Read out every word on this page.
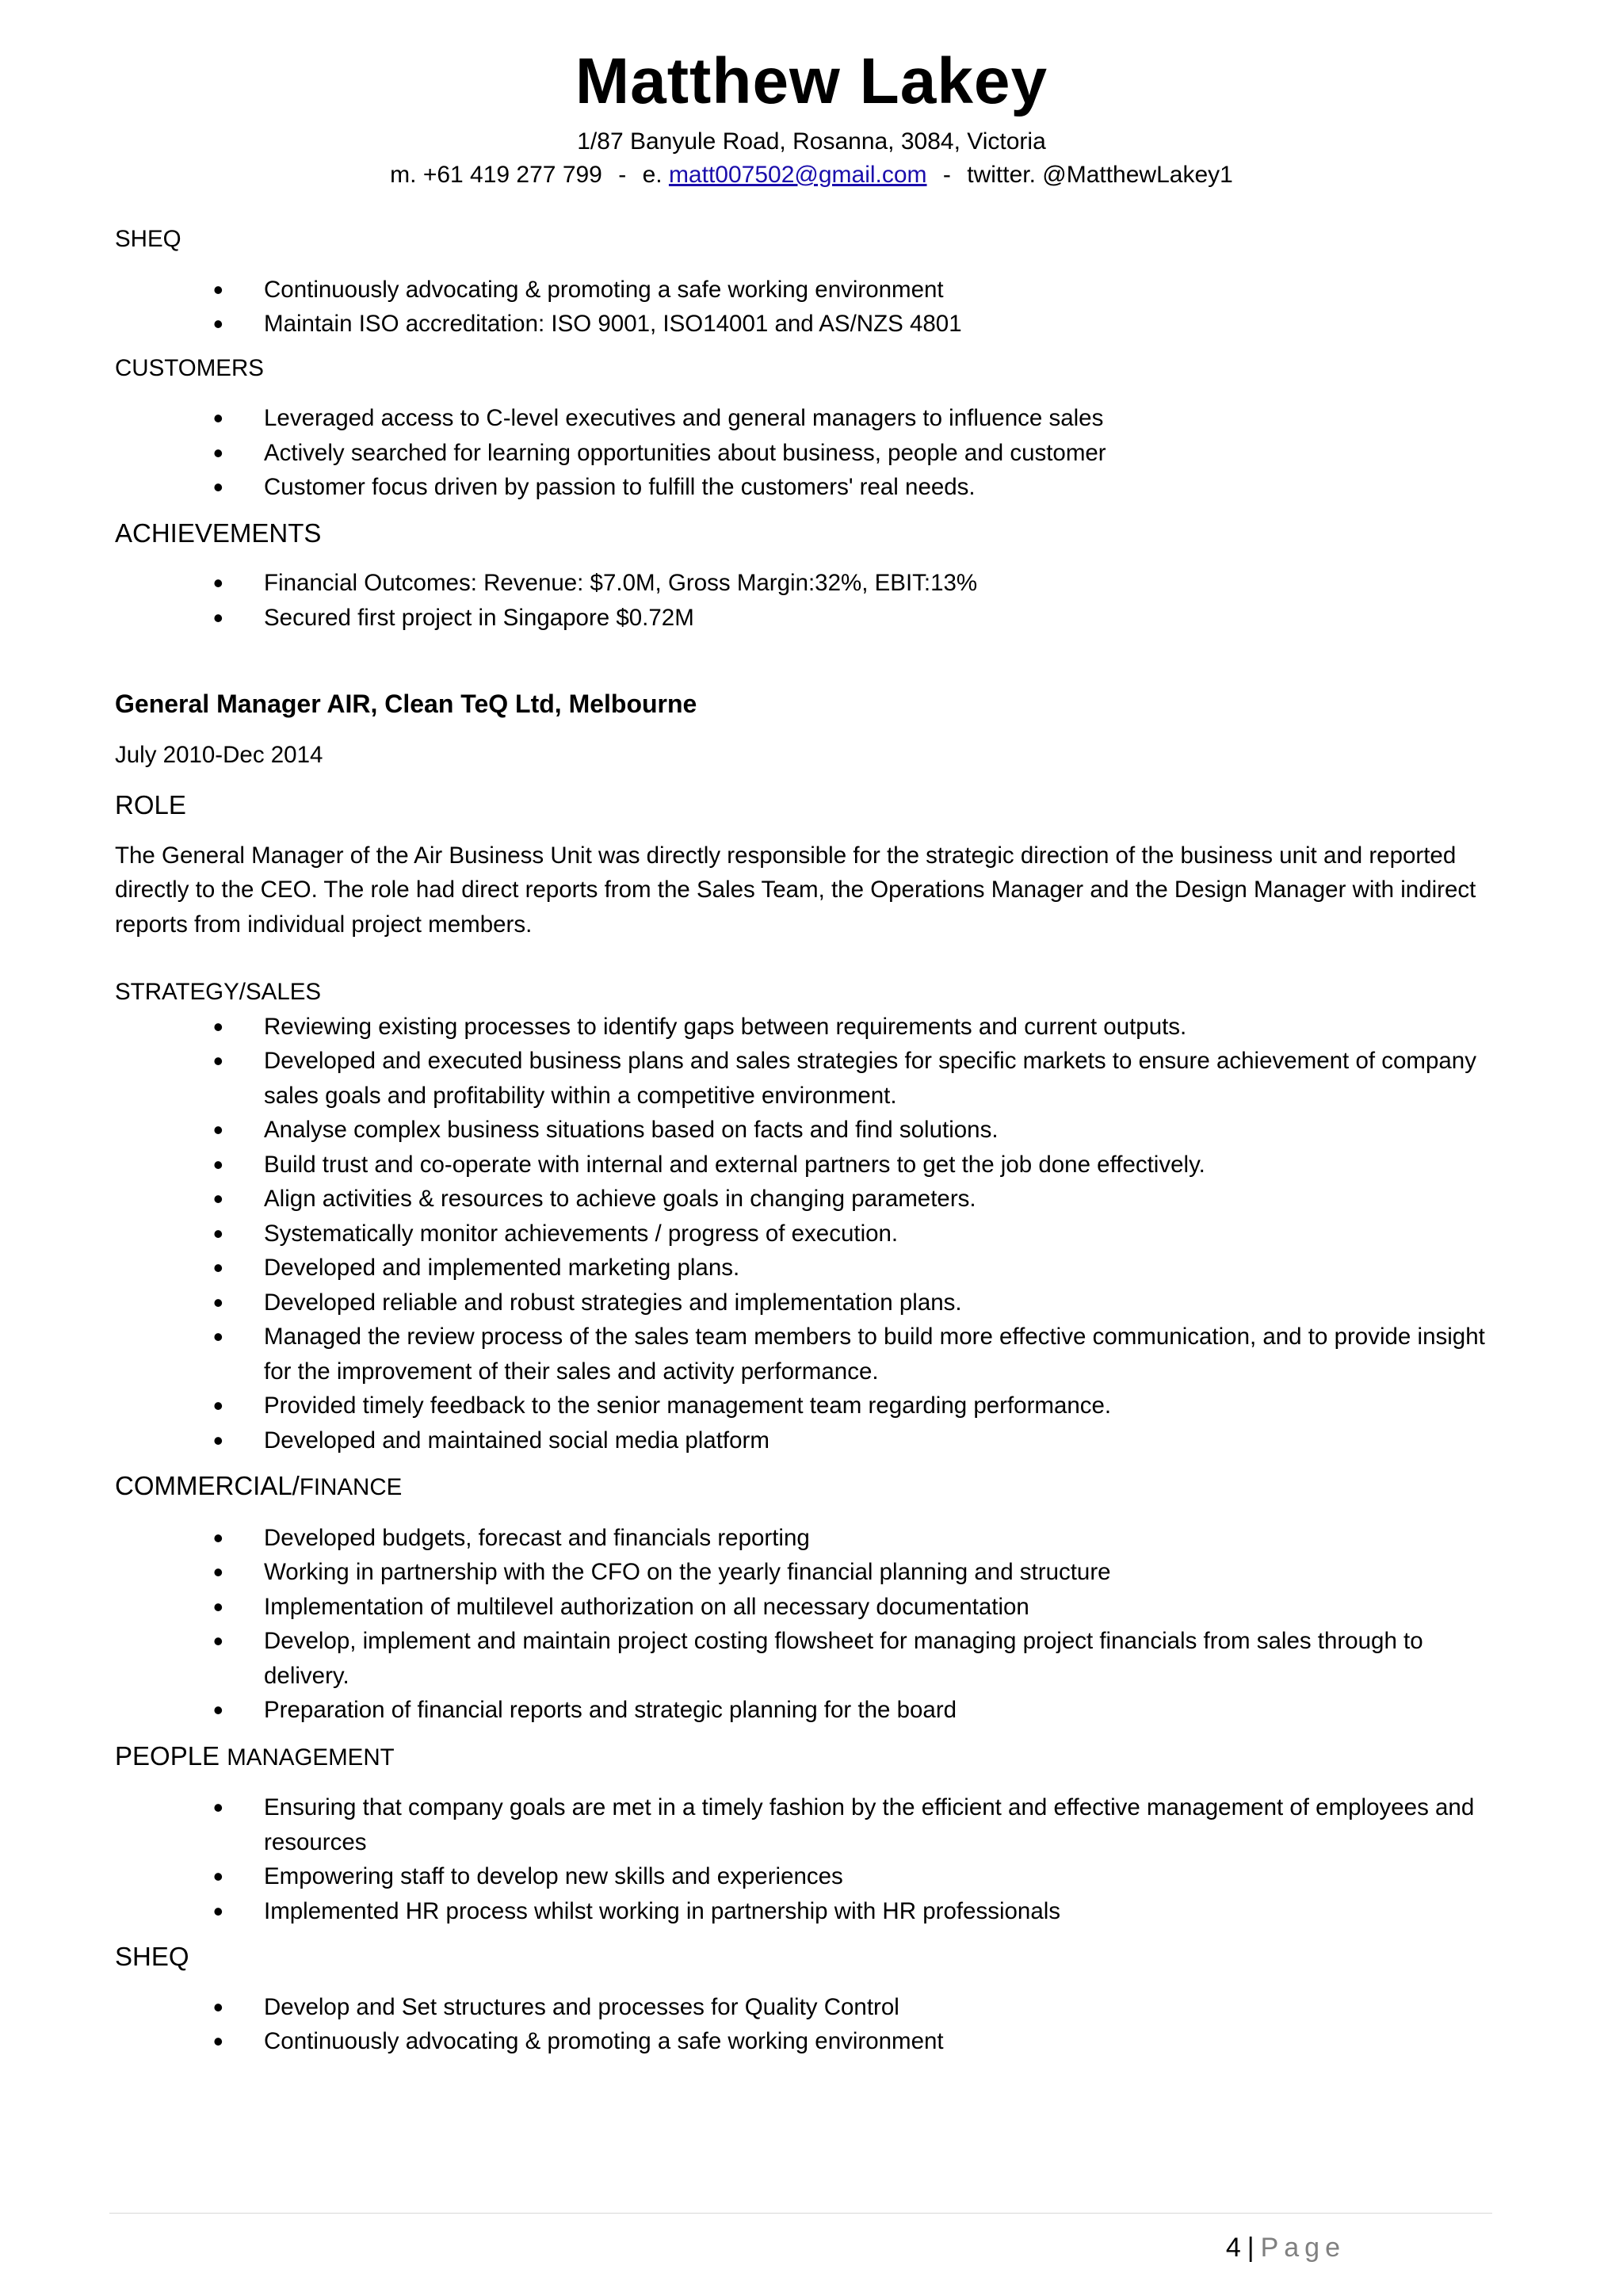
Matthew Lakey
1/87 Banyule Road, Rosanna, 3084, Victoria
m. +61 419 277 799 - e. matt007502@gmail.com - twitter. @MatthewLakey1

SHEQ

• Continuously advocating & promoting a safe working environment
• Maintain ISO accreditation: ISO 9001, ISO14001 and AS/NZS 4801

CUSTOMERS

• Leveraged access to C-level executives and general managers to influence sales
• Actively searched for learning opportunities about business, people and customer
• Customer focus driven by passion to fulfill the customers' real needs.

ACHIEVEMENTS

• Financial Outcomes: Revenue: $7.0M, Gross Margin:32%, EBIT:13%
• Secured first project in Singapore $0.72M

General Manager AIR, Clean TeQ Ltd, Melbourne

July 2010-Dec 2014

ROLE

The General Manager of the Air Business Unit was directly responsible for the strategic direction of the business unit and reported directly to the CEO. The role had direct reports from the Sales Team, the Operations Manager and the Design Manager with indirect reports from individual project members.

STRATEGY/SALES

• Reviewing existing processes to identify gaps between requirements and current outputs.
• Developed and executed business plans and sales strategies for specific markets to ensure achievement of company sales goals and profitability within a competitive environment.
• Analyse complex business situations based on facts and find solutions.
• Build trust and co-operate with internal and external partners to get the job done effectively.
• Align activities & resources to achieve goals in changing parameters.
• Systematically monitor achievements / progress of execution.
• Developed and implemented marketing plans.
• Developed reliable and robust strategies and implementation plans.
• Managed the review process of the sales team members to build more effective communication, and to provide insight for the improvement of their sales and activity performance.
• Provided timely feedback to the senior management team regarding performance.
• Developed and maintained social media platform

COMMERCIAL/FINANCE

• Developed budgets, forecast and financials reporting
• Working in partnership with the CFO on the yearly financial planning and structure
• Implementation of multilevel authorization on all necessary documentation
• Develop, implement and maintain project costing flowsheet for managing project financials from sales through to delivery.
• Preparation of financial reports and strategic planning for the board

PEOPLE MANAGEMENT

• Ensuring that company goals are met in a timely fashion by the efficient and effective management of employees and resources
• Empowering staff to develop new skills and experiences
• Implemented HR process whilst working in partnership with HR professionals

SHEQ

• Develop and Set structures and processes for Quality Control
• Continuously advocating & promoting a safe working environment
4 | Page
